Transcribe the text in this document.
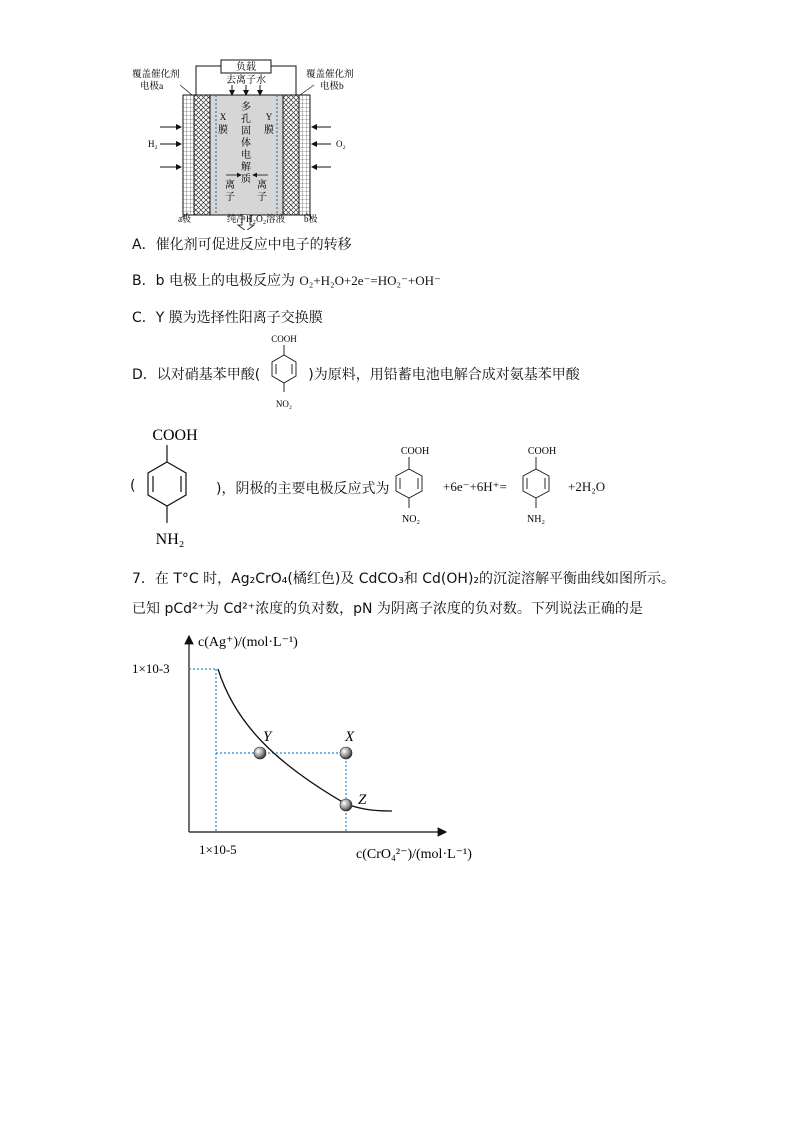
负载
去离子水
覆盖催化剂
电极a
覆盖催化剂
电极b
H₂	O₂
X
膜
Y
膜
多
孔
固
体
电
解
质
离
子
离
子
a极	b极
纯净H₂O₂溶液
A．催化剂可促进反应中电子的转移
B．b 电极上的电极反应为 O₂+H₂O+2e⁻=HO₂⁻+OH⁻
C．Y 膜为选择性阳离子交换膜
D．以对硝基苯甲酸(	)为原料，用铅蓄电池电解合成对氨基苯甲酸
COOH
NO₂
COOH
NH₂
(	)，阴极的主要电极反应式为
COOH
NO₂
+6e⁻+6H⁺=
COOH
NH₂
+2H₂O
7．在 T°C 时，Ag₂CrO₄(橘红色)及 CdCO₃和 Cd(OH)₂的沉淀溶解平衡曲线如图所示。
已知 pCd²⁺为 Cd²⁺浓度的负对数，pN 为阴离子浓度的负对数。下列说法正确的是
Y	X
Z
c(Ag⁺)/(mol·L⁻¹)
1×10-3
1×10-5	c(CrO₄²⁻)/(mol·L⁻¹)
